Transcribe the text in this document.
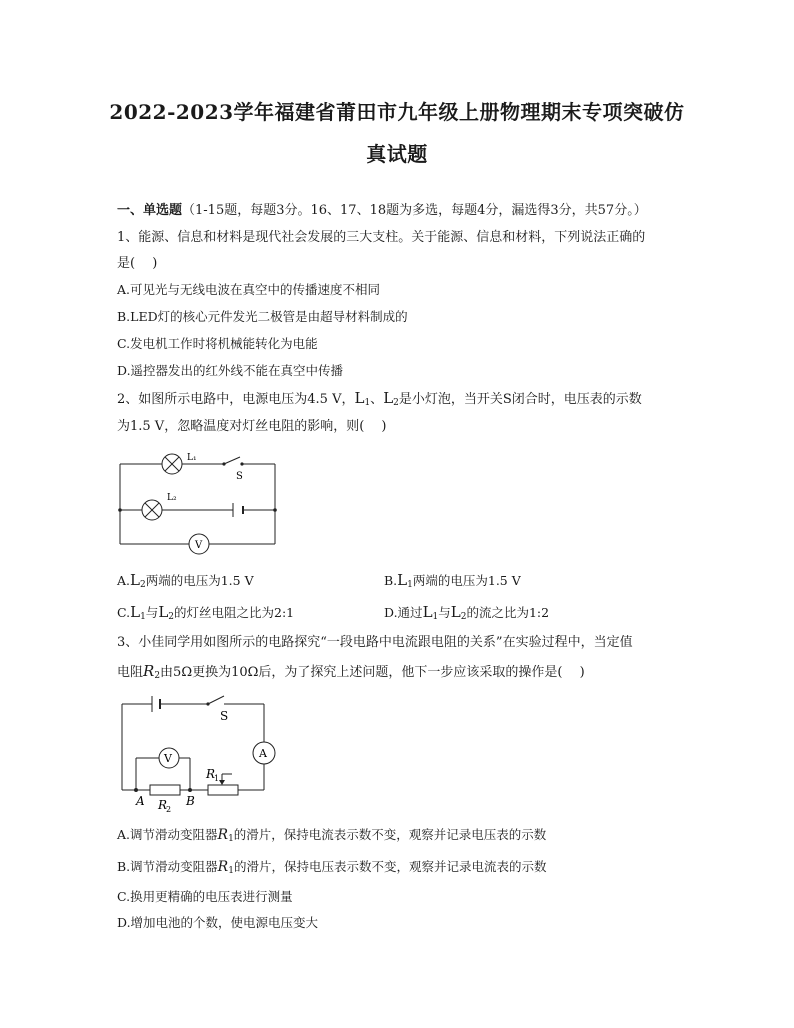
2022-2023学年福建省莆田市九年级上册物理期末专项突破仿
真试题
一、单选题（1-15题，每题3分。16、17、18题为多选，每题4分，漏选得3分，共57分。）
1、能源、信息和材料是现代社会发展的三大支柱。关于能源、信息和材料，下列说法正确的
是(　 )
A.可见光与无线电波在真空中的传播速度不相同
B.LED灯的核心元件发光二极管是由超导材料制成的
C.发电机工作时将机械能转化为电能
D.遥控器发出的红外线不能在真空中传播
2、如图所示电路中，电源电压为4.5 V，$L_1$、$L_2$是小灯泡，当开关S闭合时，电压表的示数
为1.5 V，忽略温度对灯丝电阻的影响，则(　 )
L₁
L₂
S
V
$A.L_2$两端的电压为1.5 V	$B.L_1$两端的电压为1.5 V
$C.L_1$与$L_2$的灯丝电阻之比为2:1	D.通过$L_1$与$L_2$的流之比为1:2
3、小佳同学用如图所示的电路探究“一段电路中电流跟电阻的关系”在实验过程中，当定值
电阻$R_2$由5Ω更换为10Ω后，为了探究上述问题，他下一步应该采取的操作是(　 )
S
V	A
R
1
R
2
A	B
A.调节滑动变阻器$R_1$的滑片，保持电流表示数不变，观察并记录电压表的示数
B.调节滑动变阻器$R_1$的滑片，保持电压表示数不变，观察并记录电流表的示数
C.换用更精确的电压表进行测量
D.增加电池的个数，使电源电压变大
